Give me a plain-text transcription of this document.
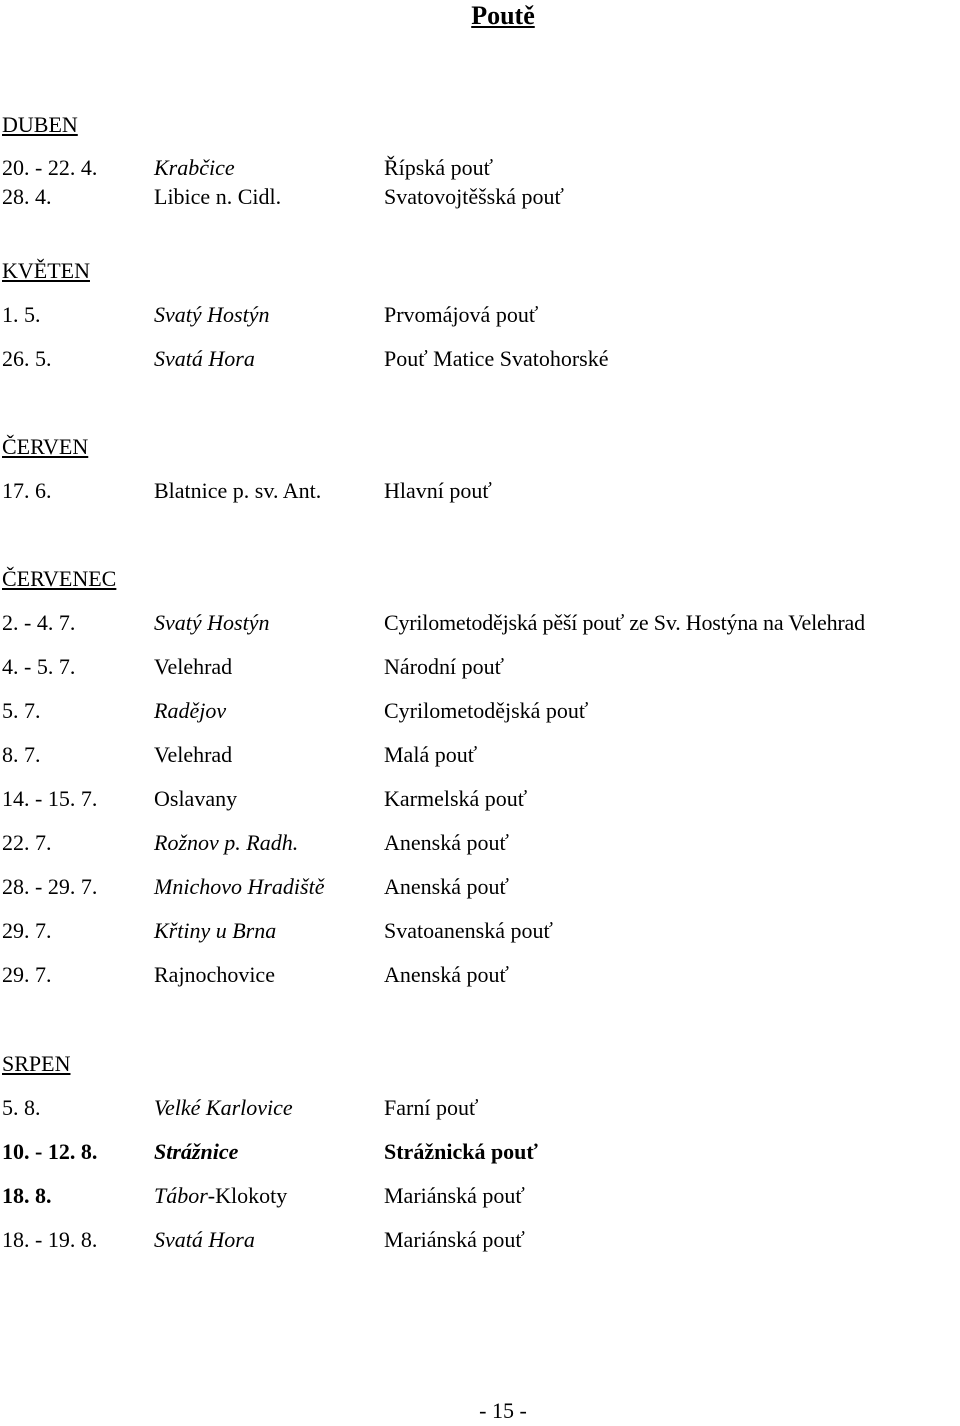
Poutě
DUBEN
20. - 22. 4.	Krabčice	Řípská pouť
28. 4.	Libice n. Cidl.	Svatovojtěšská pouť
KVĚTEN
1. 5.	Svatý Hostýn	Prvomájová pouť
26. 5.	Svatá Hora	Pouť Matice Svatohorské
ČERVEN
17. 6.	Blatnice p. sv. Ant.	Hlavní pouť
ČERVENEC
2. - 4. 7.	Svatý Hostýn	Cyrilometodějská pěší pouť ze Sv. Hostýna na Velehrad
4. - 5. 7.	Velehrad	Národní pouť
5. 7.	Radějov	Cyrilometodějská pouť
8. 7.	Velehrad	Malá pouť
14. - 15. 7.	Oslavany	Karmelská pouť
22. 7.	Rožnov p. Radh.	Anenská pouť
28. - 29. 7.	Mnichovo Hradiště	Anenská pouť
29. 7.	Křtiny u Brna	Svatoanenská pouť
29. 7.	Rajnochovice	Anenská pouť
SRPEN
5. 8.	Velké Karlovice	Farní pouť
10. - 12. 8.	Strážnice	Strážnická pouť
18. 8.	Tábor-Klokoty	Mariánská pouť
18. - 19. 8.	Svatá Hora	Mariánská pouť
- 15 -
